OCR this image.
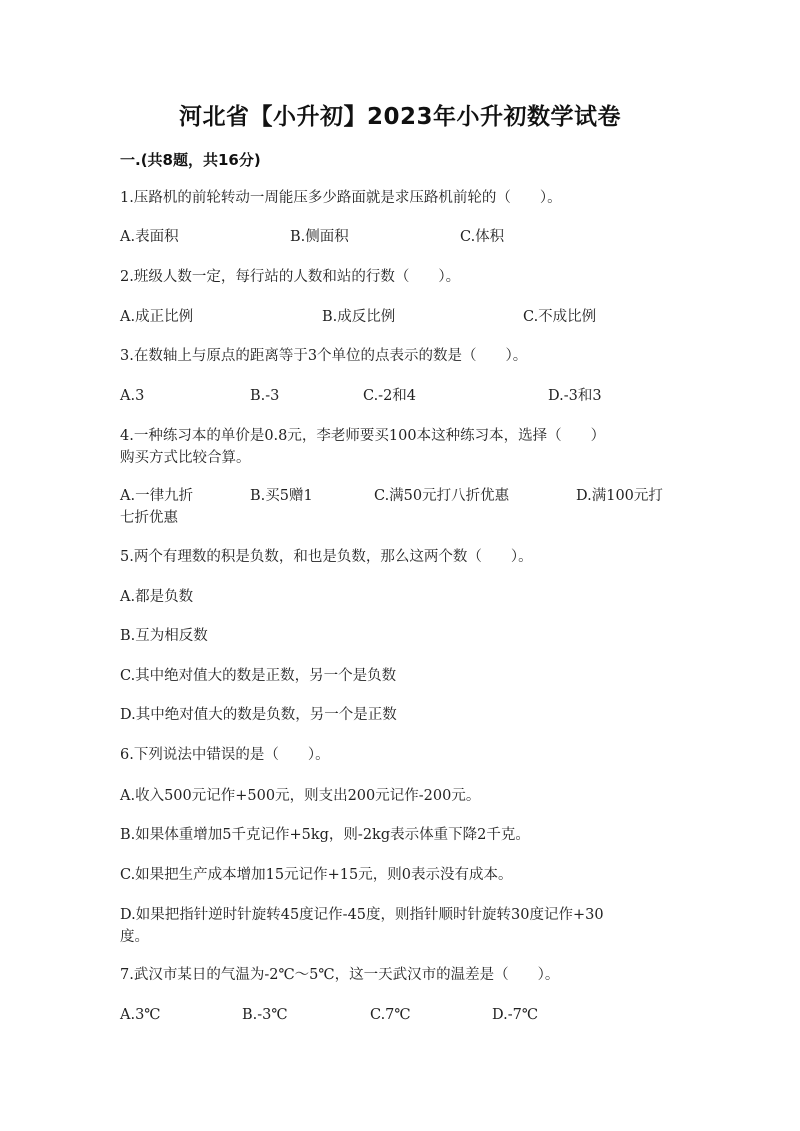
河北省【小升初】2023年小升初数学试卷
一.(共8题，共16分)
1.压路机的前轮转动一周能压多少路面就是求压路机前轮的（　　）。
A.表面积	B.侧面积	C.体积
2.班级人数一定，每行站的人数和站的行数（　　）。
A.成正比例	B.成反比例	C.不成比例
3.在数轴上与原点的距离等于3个单位的点表示的数是（　　）。
A.3	B.-3	C.-2和4	D.-3和3
4.一种练习本的单价是0.8元，李老师要买100本这种练习本，选择（　　）
购买方式比较合算。
A.一律九折	B.买5赠1	C.满50元打八折优惠	D.满100元打
七折优惠
5.两个有理数的积是负数，和也是负数，那么这两个数（　　）。
A.都是负数
B.互为相反数
C.其中绝对值大的数是正数，另一个是负数
D.其中绝对值大的数是负数，另一个是正数
6.下列说法中错误的是（　　）。
A.收入500元记作+500元，则支出200元记作-200元。
B.如果体重增加5千克记作+5kg，则-2kg表示体重下降2千克。
C.如果把生产成本增加15元记作+15元，则0表示没有成本。
D.如果把指针逆时针旋转45度记作-45度，则指针顺时针旋转30度记作+30
度。
7.武汉市某日的气温为-2℃～5℃，这一天武汉市的温差是（　　）。
A.3℃	B.-3℃	C.7℃	D.-7℃
